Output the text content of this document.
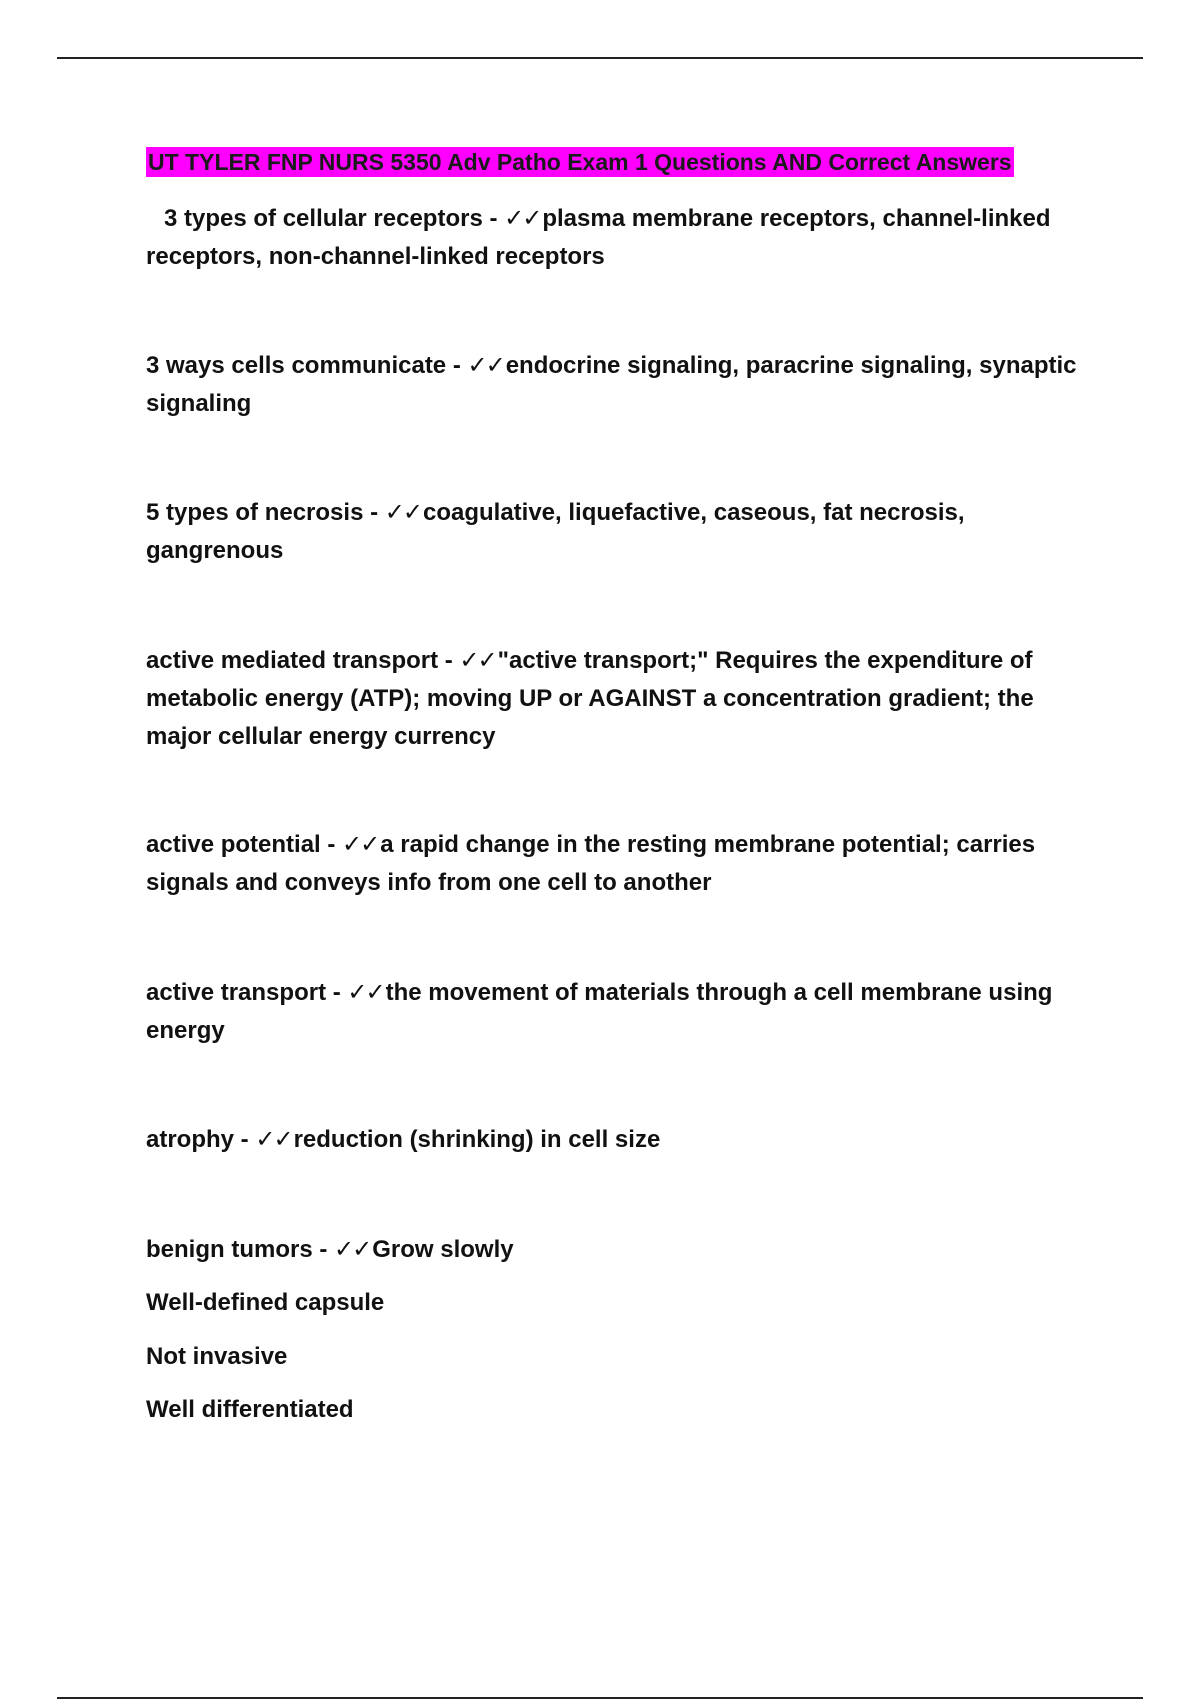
UT TYLER FNP NURS 5350 Adv Patho Exam 1 Questions AND Correct Answers
3 types of cellular receptors - ✓✓plasma membrane receptors, channel-linked receptors, non-channel-linked receptors
3 ways cells communicate - ✓✓endocrine signaling, paracrine signaling, synaptic signaling
5 types of necrosis - ✓✓coagulative, liquefactive, caseous, fat necrosis, gangrenous
active mediated transport - ✓✓"active transport;" Requires the expenditure of metabolic energy (ATP); moving UP or AGAINST a concentration gradient; the major cellular energy currency
active potential - ✓✓a rapid change in the resting membrane potential; carries signals and conveys info from one cell to another
active transport - ✓✓the movement of materials through a cell membrane using energy
atrophy - ✓✓reduction (shrinking) in cell size
benign tumors - ✓✓Grow slowly
Well-defined capsule
Not invasive
Well differentiated
